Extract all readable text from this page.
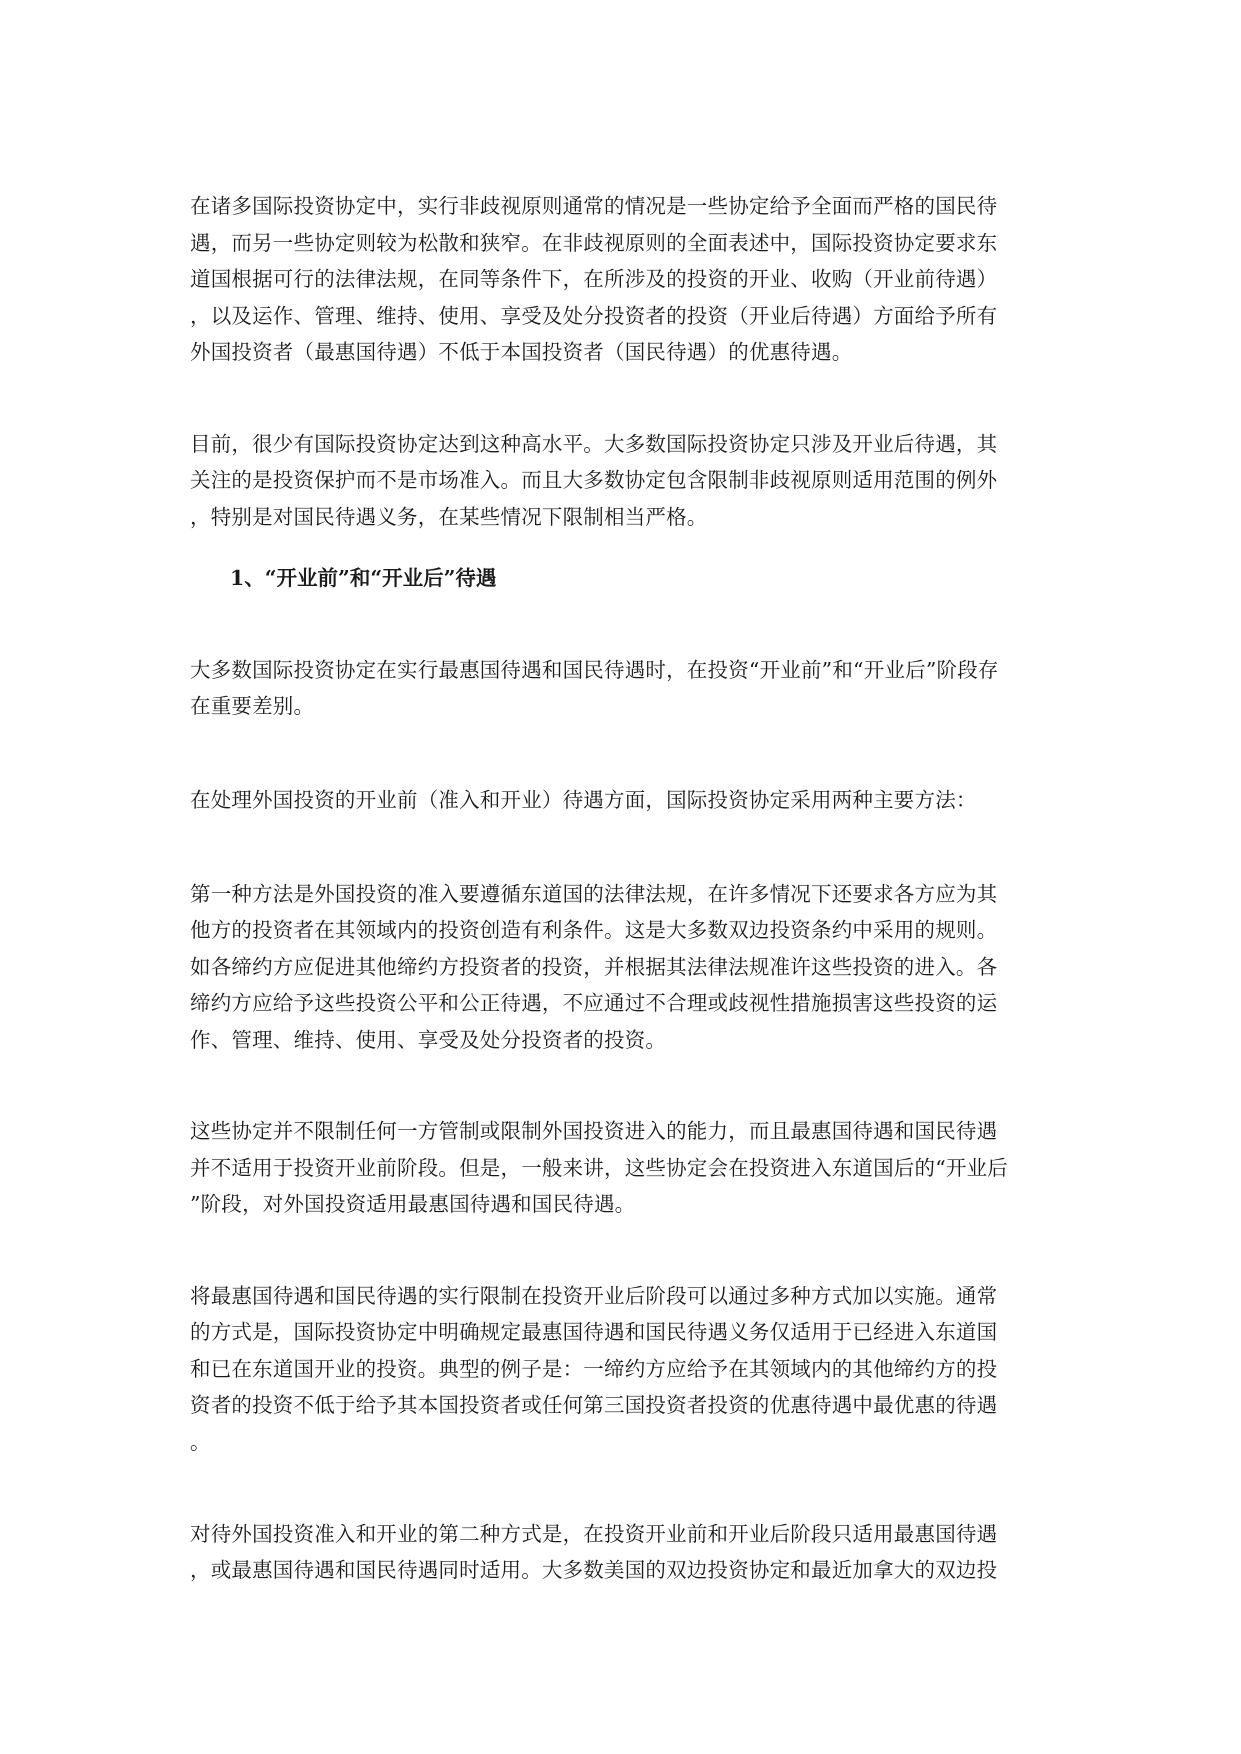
在诸多国际投资协定中，实行非歧视原则通常的情况是一些协定给予全面而严格的国民待
遇，而另一些协定则较为松散和狭窄。在非歧视原则的全面表述中，国际投资协定要求东
道国根据可行的法律法规，在同等条件下，在所涉及的投资的开业、收购（开业前待遇）
，以及运作、管理、维持、使用、享受及处分投资者的投资（开业后待遇）方面给予所有
外国投资者（最惠国待遇）不低于本国投资者（国民待遇）的优惠待遇。
目前，很少有国际投资协定达到这种高水平。大多数国际投资协定只涉及开业后待遇，其
关注的是投资保护而不是市场准入。而且大多数协定包含限制非歧视原则适用范围的例外
，特别是对国民待遇义务，在某些情况下限制相当严格。
1、“开业前”和“开业后”待遇
大多数国际投资协定在实行最惠国待遇和国民待遇时，在投资“开业前”和“开业后”阶段存
在重要差别。
在处理外国投资的开业前（准入和开业）待遇方面，国际投资协定采用两种主要方法：
第一种方法是外国投资的准入要遵循东道国的法律法规，在许多情况下还要求各方应为其
他方的投资者在其领域内的投资创造有利条件。这是大多数双边投资条约中采用的规则。
如各缔约方应促进其他缔约方投资者的投资，并根据其法律法规准许这些投资的进入。各
缔约方应给予这些投资公平和公正待遇，不应通过不合理或歧视性措施损害这些投资的运
作、管理、维持、使用、享受及处分投资者的投资。
这些协定并不限制任何一方管制或限制外国投资进入的能力，而且最惠国待遇和国民待遇
并不适用于投资开业前阶段。但是，一般来讲，这些协定会在投资进入东道国后的“开业后
”阶段，对外国投资适用最惠国待遇和国民待遇。
将最惠国待遇和国民待遇的实行限制在投资开业后阶段可以通过多种方式加以实施。通常
的方式是，国际投资协定中明确规定最惠国待遇和国民待遇义务仅适用于已经进入东道国
和已在东道国开业的投资。典型的例子是：一缔约方应给予在其领域内的其他缔约方的投
资者的投资不低于给予其本国投资者或任何第三国投资者投资的优惠待遇中最优惠的待遇
。
对待外国投资准入和开业的第二种方式是，在投资开业前和开业后阶段只适用最惠国待遇
，或最惠国待遇和国民待遇同时适用。大多数美国的双边投资协定和最近加拿大的双边投
